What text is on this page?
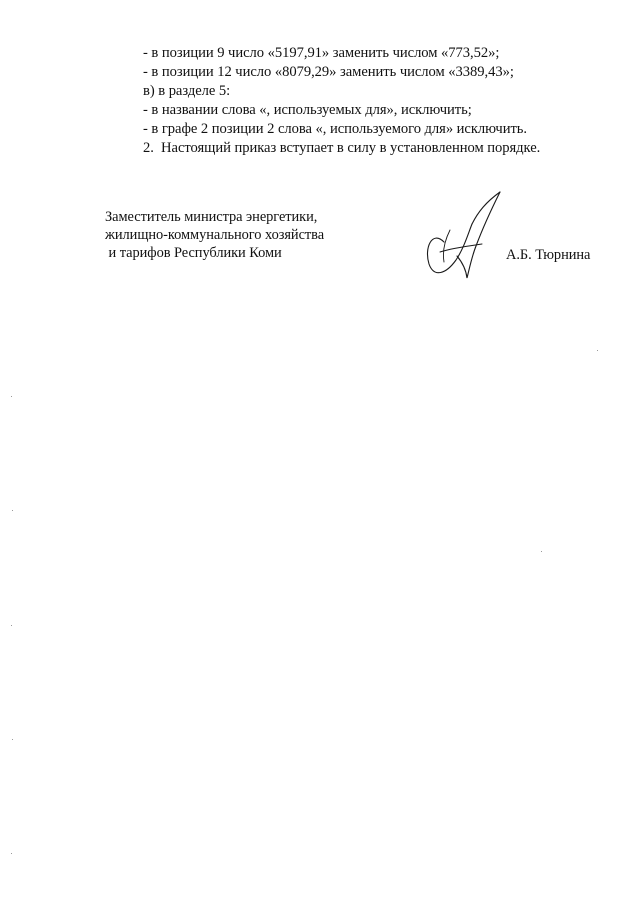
- в позиции 9 число «5197,91» заменить числом «773,52»;
- в позиции 12 число «8079,29» заменить числом «3389,43»;
в) в разделе 5:
- в названии слова «, используемых для», исключить;
- в графе 2 позиции 2 слова «, используемого для» исключить.
2.  Настоящий приказ вступает в силу в установленном порядке.
Заместитель министра энергетики,
жилищно-коммунального хозяйства
и тарифов Республики Коми	А.Б. Тюрнина
